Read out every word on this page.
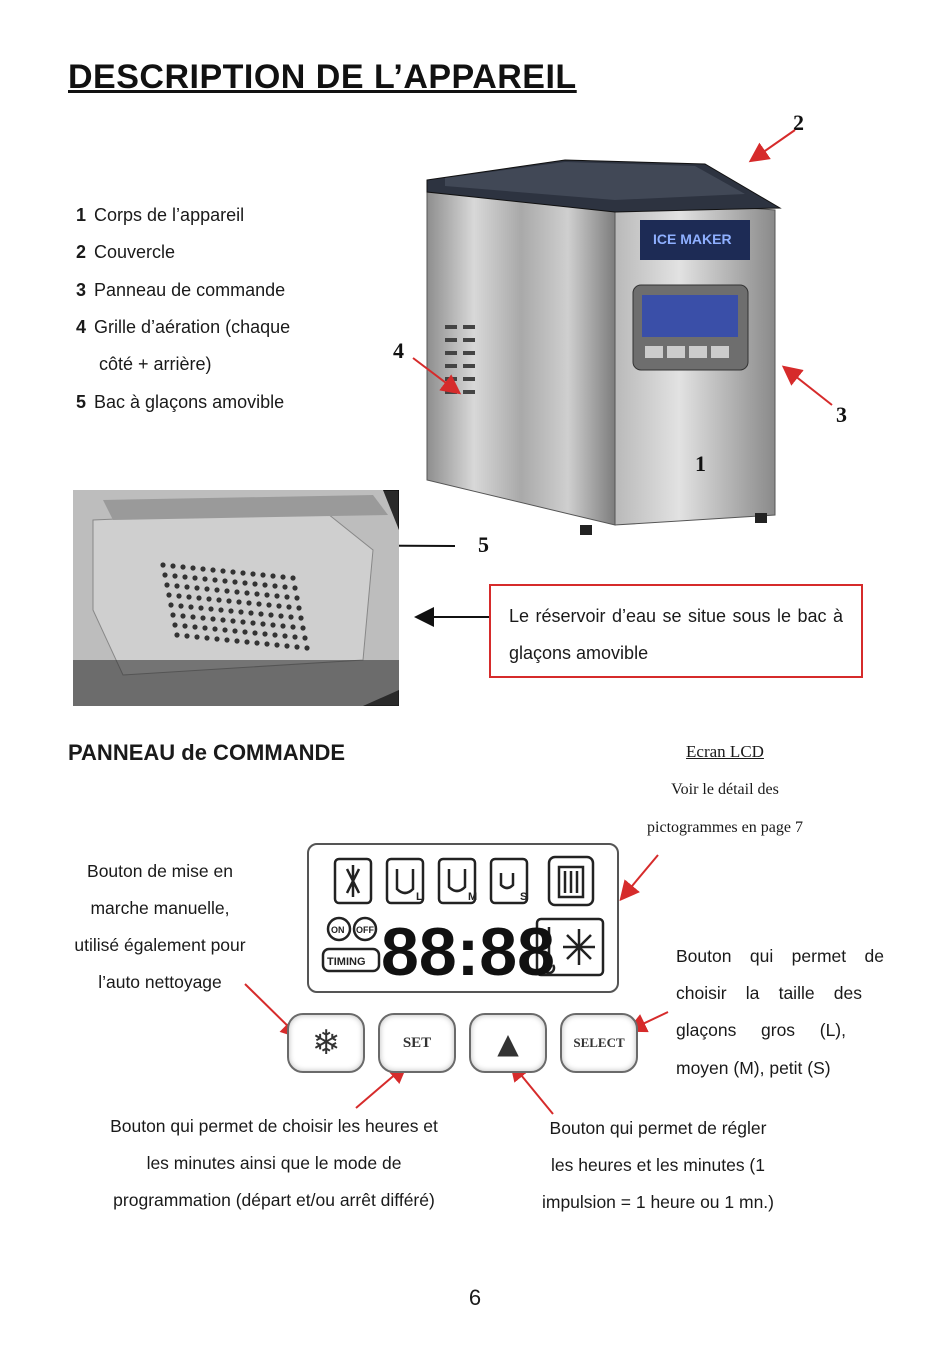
DESCRIPTION DE L’APPAREIL
1 Corps de l’appareil
2 Couvercle
3 Panneau de commande
4 Grille d’aération (chaque
côté + arrière)
5 Bac à glaçons amovible
ICE MAKER
2
3
4
1
5
Le réservoir d’eau se situe sous le bac à glaçons amovible
PANNEAU de COMMANDE	Ecran LCD
Voir le détail des
pictogrammes en page 7
Bouton de mise en
marche manuelle,
utilisé également pour
l’auto nettoyage
Bouton qui permet de
choisir la taille des
glaçons gros (L),
moyen (M), petit (S)
Bouton qui permet de choisir les heures et
les minutes ainsi que le mode de
programmation (départ et/ou arrêt différé)
Bouton qui permet de régler
les heures et les minutes (1
impulsion = 1 heure ou 1 mn.)
L	M	S
ON OFF
TIMING 88:88
❄	SET ▲	SELECT
6
